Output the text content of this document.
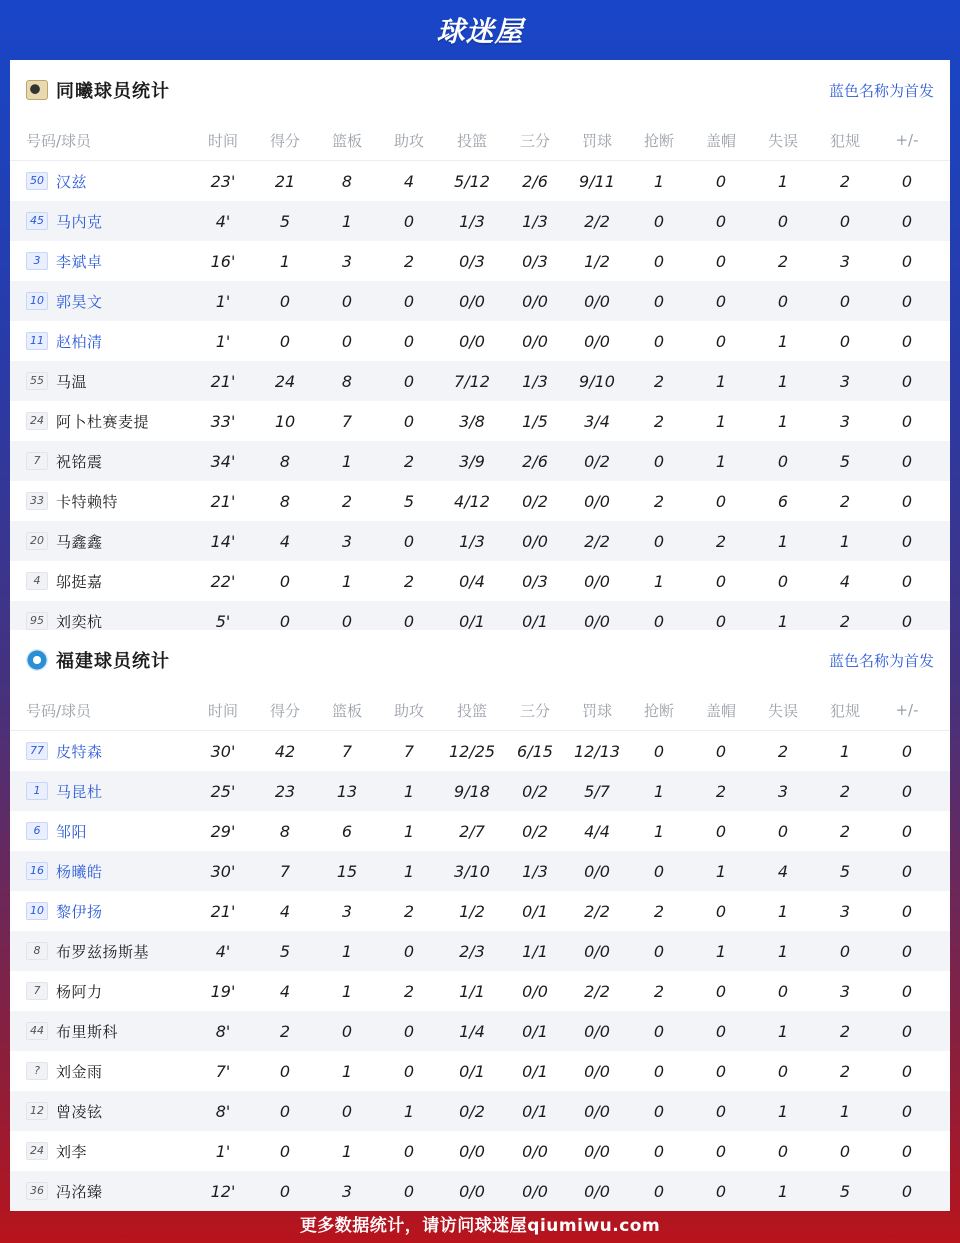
球迷屋
同曦球员统计	蓝色名称为首发
号码/球员	时间	得分	篮板	助攻	投篮	三分	罚球	抢断	盖帽	失误	犯规	+/-
50 汉兹	23'	21	8	4	5/12	2/6	9/11	1	0	1	2	0
45 马内克	4'	5	1	0	1/3	1/3	2/2	0	0	0	0	0
3	李斌卓	16'	1	3	2	0/3	0/3	1/2	0	0	2	3	0
10 郭昊文	1'	0	0	0	0/0	0/0	0/0	0	0	0	0	0
11 赵柏清	1'	0	0	0	0/0	0/0	0/0	0	0	1	0	0
55 马温	21'	24	8	0	7/12	1/3	9/10	2	1	1	3	0
24 阿卜杜赛麦提	33'	10	7	0	3/8	1/5	3/4	2	1	1	3	0
7	祝铭震	34'	8	1	2	3/9	2/6	0/2	0	1	0	5	0
33 卡特赖特	21'	8	2	5	4/12	0/2	0/0	2	0	6	2	0
20 马鑫鑫	14'	4	3	0	1/3	0/0	2/2	0	2	1	1	0
4	邬挺嘉	22'	0	1	2	0/4	0/3	0/0	1	0	0	4	0
95 刘奕杭	5'	0	0	0	0/1	0/1	0/0	0	0	1	2	0
福建球员统计	蓝色名称为首发
号码/球员	时间	得分	篮板	助攻	投篮	三分	罚球	抢断	盖帽	失误	犯规	+/-
77 皮特森	30'	42	7	7	12/25	6/15	12/13	0	0	2	1	0
1	马昆杜	25'	23	13	1	9/18	0/2	5/7	1	2	3	2	0
6	邹阳	29'	8	6	1	2/7	0/2	4/4	1	0	0	2	0
16 杨曦皓	30'	7	15	1	3/10	1/3	0/0	0	1	4	5	0
10 黎伊扬	21'	4	3	2	1/2	0/1	2/2	2	0	1	3	0
8	布罗兹扬斯基	4'	5	1	0	2/3	1/1	0/0	0	1	1	0	0
7	杨阿力	19'	4	1	2	1/1	0/0	2/2	2	0	0	3	0
44 布里斯科	8'	2	0	0	1/4	0/1	0/0	0	0	1	2	0
?	刘金雨	7'	0	1	0	0/1	0/1	0/0	0	0	0	2	0
12 曾凌铉	8'	0	0	1	0/2	0/1	0/0	0	0	1	1	0
24 刘李	1'	0	1	0	0/0	0/0	0/0	0	0	0	0	0
36 冯洺臻	12'	0	3	0	0/0	0/0	0/0	0	0	1	5	0
更多数据统计，请访问球迷屋qiumiwu.com
